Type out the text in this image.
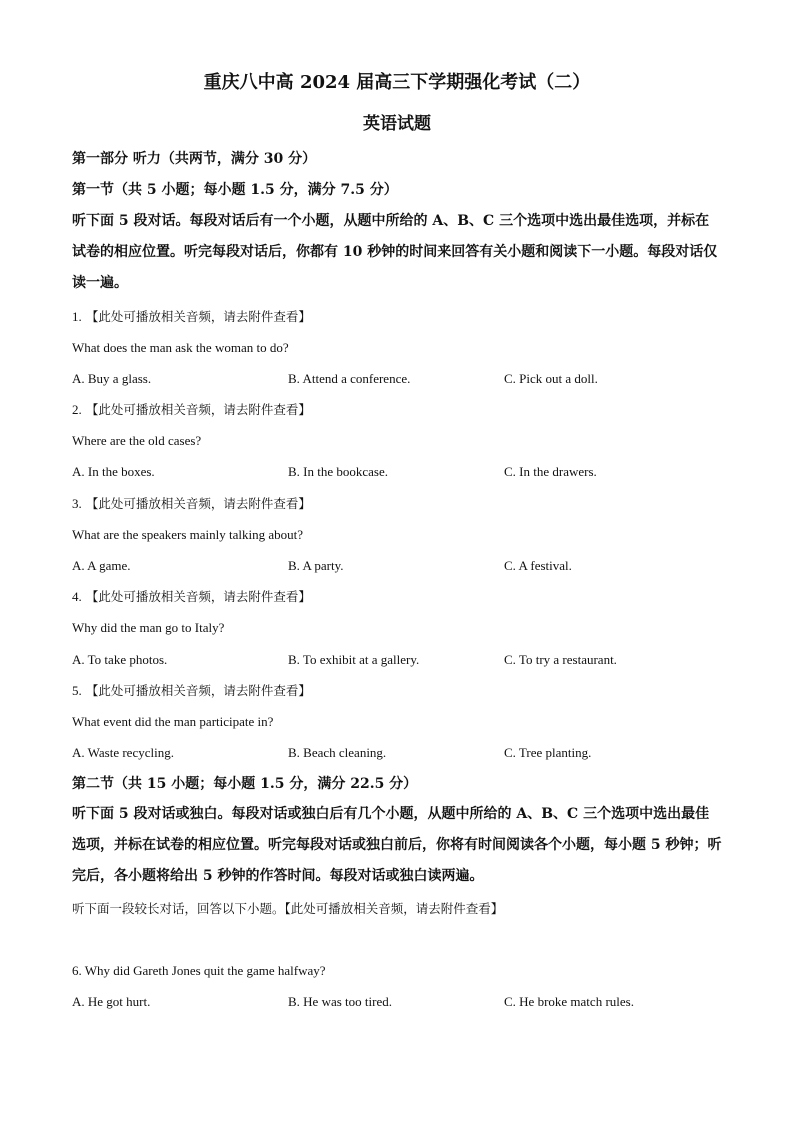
重庆八中高 2024 届高三下学期强化考试（二）
英语试题
第一部分 听力（共两节，满分 30 分）
第一节（共 5 小题；每小题 1.5 分，满分 7.5 分）
听下面 5 段对话。每段对话后有一个小题，从题中所给的 A、B、C 三个选项中选出最佳选项，并标在试卷的相应位置。听完每段对话后，你都有 10 秒钟的时间来回答有关小题和阅读下一小题。每段对话仅读一遍。
1. 【此处可播放相关音频，请去附件查看】
What does the man ask the woman to do?
A. Buy a glass.	B. Attend a conference.	C. Pick out a doll.
2. 【此处可播放相关音频，请去附件查看】
Where are the old cases?
A. In the boxes.	B. In the bookcase.	C. In the drawers.
3. 【此处可播放相关音频，请去附件查看】
What are the speakers mainly talking about?
A. A game.	B. A party.	C. A festival.
4. 【此处可播放相关音频，请去附件查看】
Why did the man go to Italy?
A. To take photos.	B. To exhibit at a gallery.	C. To try a restaurant.
5. 【此处可播放相关音频，请去附件查看】
What event did the man participate in?
A. Waste recycling.	B. Beach cleaning.	C. Tree planting.
第二节（共 15 小题；每小题 1.5 分，满分 22.5 分）
听下面 5 段对话或独白。每段对话或独白后有几个小题，从题中所给的 A、B、C 三个选项中选出最佳选项，并标在试卷的相应位置。听完每段对话或独白前后，你将有时间阅读各个小题，每小题 5 秒钟；听完后，各小题将给出 5 秒钟的作答时间。每段对话或独白读两遍。
听下面一段较长对话，回答以下小题。【此处可播放相关音频，请去附件查看】
6. Why did Gareth Jones quit the game halfway?
A. He got hurt.	B. He was too tired.	C. He broke match rules.
